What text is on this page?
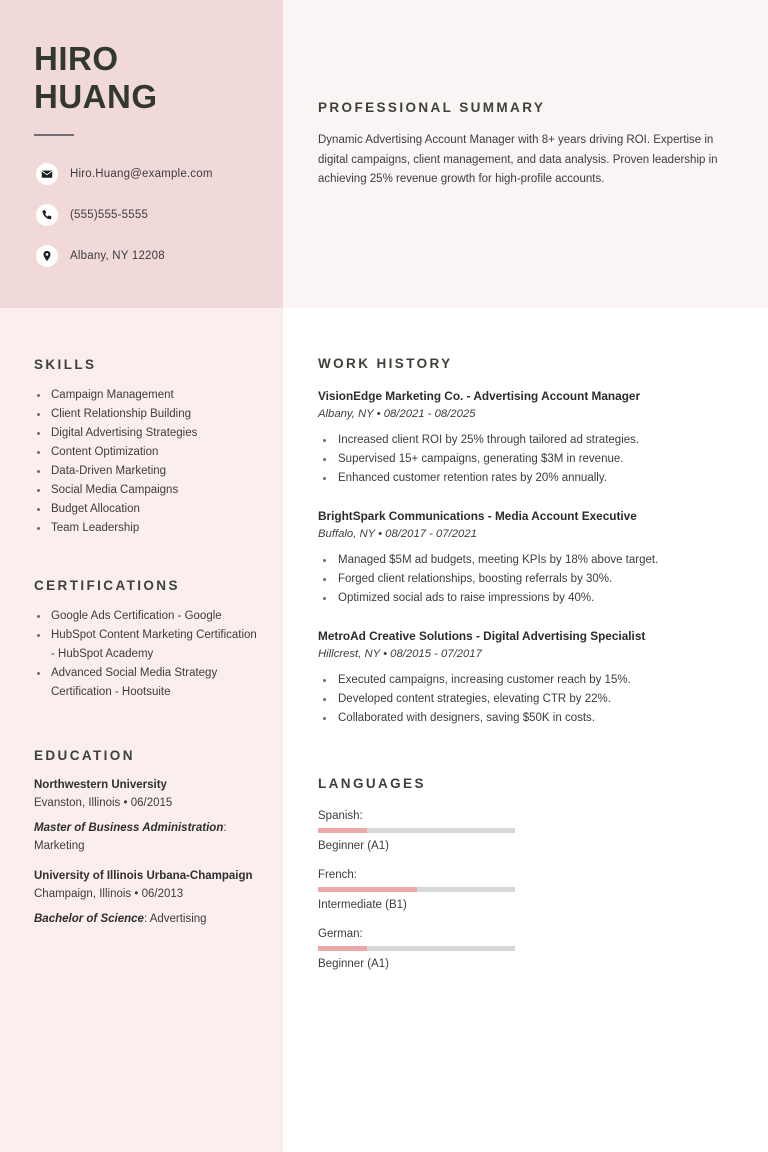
HIRO
HUANG
Hiro.Huang@example.com
(555)555-5555
Albany, NY 12208
SKILLS
Campaign Management
Client Relationship Building
Digital Advertising Strategies
Content Optimization
Data-Driven Marketing
Social Media Campaigns
Budget Allocation
Team Leadership
CERTIFICATIONS
Google Ads Certification - Google
HubSpot Content Marketing Certification - HubSpot Academy
Advanced Social Media Strategy Certification - Hootsuite
EDUCATION
Northwestern University
Evanston, Illinois • 06/2015
Master of Business Administration: Marketing
University of Illinois Urbana-Champaign
Champaign, Illinois • 06/2013
Bachelor of Science: Advertising
PROFESSIONAL SUMMARY
Dynamic Advertising Account Manager with 8+ years driving ROI. Expertise in digital campaigns, client management, and data analysis. Proven leadership in achieving 25% revenue growth for high-profile accounts.
WORK HISTORY
VisionEdge Marketing Co. - Advertising Account Manager
Albany, NY • 08/2021 - 08/2025
Increased client ROI by 25% through tailored ad strategies.
Supervised 15+ campaigns, generating $3M in revenue.
Enhanced customer retention rates by 20% annually.
BrightSpark Communications - Media Account Executive
Buffalo, NY • 08/2017 - 07/2021
Managed $5M ad budgets, meeting KPIs by 18% above target.
Forged client relationships, boosting referrals by 30%.
Optimized social ads to raise impressions by 40%.
MetroAd Creative Solutions - Digital Advertising Specialist
Hillcrest, NY • 08/2015 - 07/2017
Executed campaigns, increasing customer reach by 15%.
Developed content strategies, elevating CTR by 22%.
Collaborated with designers, saving $50K in costs.
LANGUAGES
Spanish:
Beginner (A1)
French:
Intermediate (B1)
German:
Beginner (A1)
